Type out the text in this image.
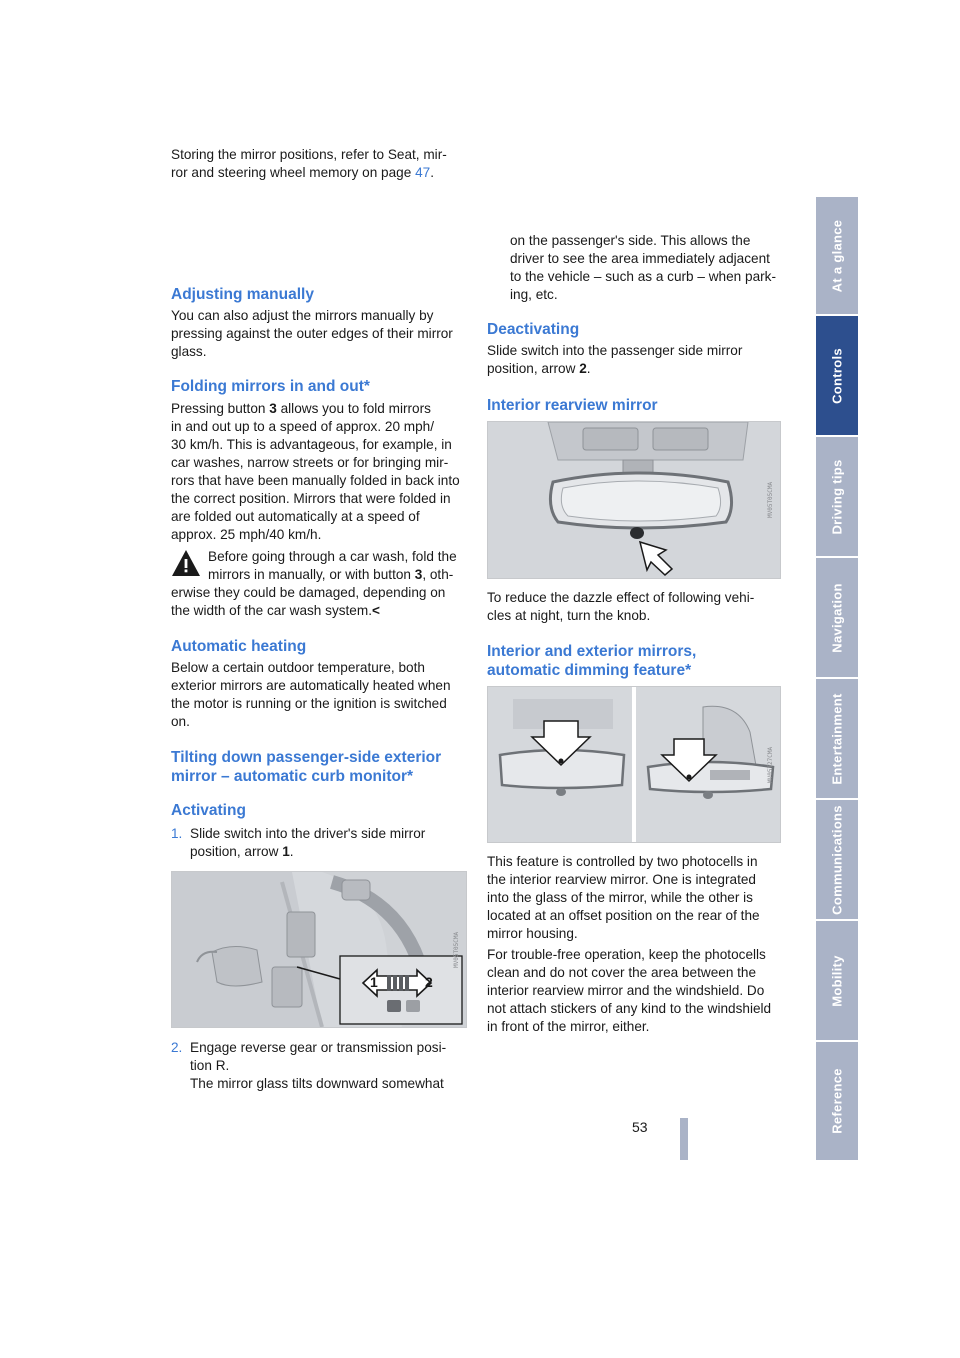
Storing the mirror positions, refer to Seat, mir-

ror and steering wheel memory on page 47.

Adjusting manually

You can also adjust the mirrors manually by

pressing against the outer edges of their mirror

glass.

Folding mirrors in and out*

Pressing button 3 allows you to fold mirrors

in and out up to a speed of approx. 20 mph/

30 km/h. This is advantageous, for example, in

car washes, narrow streets or for bringing mir-

rors that have been manually folded in back into

the correct position. Mirrors that were folded in

are folded out automatically at a speed of

approx. 25 mph/40 km/h.

Before going through a car wash, fold the

mirrors in manually, or with button 3, oth-

erwise they could be damaged, depending on

the width of the car wash system.<

Automatic heating

Below a certain outdoor temperature, both

exterior mirrors are automatically heated when

the motor is running or the ignition is switched

on.

Tilting down passenger-side exterior
mirror – automatic curb monitor*
Activating

1. Slide switch into the driver's side mirror

position, arrow 1.

1	2
MV05T05CMA

2. Engage reverse gear or transmission posi-

tion R.

The mirror glass tilts downward somewhat

on the passenger's side. This allows the

driver to see the area immediately adjacent

to the vehicle – such as a curb – when park-

ing, etc.

Deactivating

Slide switch into the passenger side mirror

position, arrow 2.

Interior rearview mirror
MV05T05CMA

To reduce the dazzle effect of following vehi-

cles at night, turn the knob.

Interior and exterior mirrors,
automatic dimming feature*
MV05T27CMA

This feature is controlled by two photocells in

the interior rearview mirror. One is integrated

into the glass of the mirror, while the other is

located at an offset position on the rear of the

mirror housing.

For trouble-free operation, keep the photocells

clean and do not cover the area between the

interior rearview mirror and the windshield. Do

not attach stickers of any kind to the windshield

in front of the mirror, either.

At a glance
Controls
Driving tips
Navigation
Entertainment
Communications
Mobility
Reference
53
